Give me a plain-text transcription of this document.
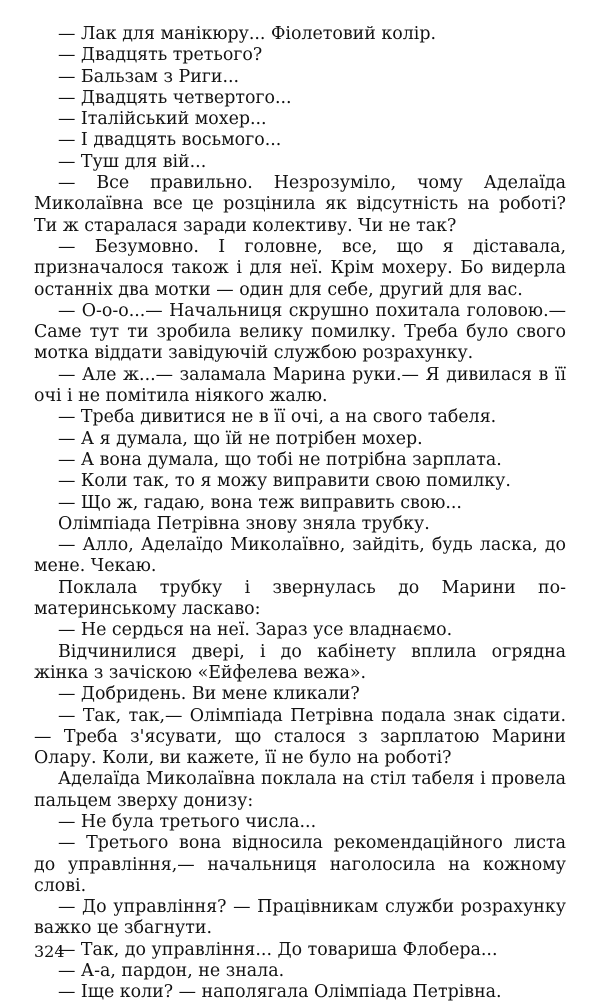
— Лак для манікюру... Фіолетовий колір.

— Двадцять третього?

— Бальзам з Риги...

— Двадцять четвертого...

— Італійський мохер...

— І двадцять восьмого...

— Туш для вій...

— Все правильно. Незрозуміло, чому Аделаїда Миколаївна все це розцінила як відсутність на роботі? Ти ж старалася заради колективу. Чи не так?

— Безумовно. І головне, все, що я діставала, призначалося також і для неї. Крім мохеру. Бо видерла останніх два мотки — один для себе, другий для вас.

— О-о-о...— Начальниця скрушно похитала головою.— Саме тут ти зробила велику помилку. Треба було свого мотка віддати завідуючій службою розрахунку.

— Але ж...— заламала Марина руки.— Я дивилася в її очі і не помітила ніякого жалю.

— Треба дивитися не в її очі, а на свого табеля.

— А я думала, що їй не потрібен мохер.

— А вона думала, що тобі не потрібна зарплата.

— Коли так, то я можу виправити свою помилку.

— Що ж, гадаю, вона теж виправить свою...

Олімпіада Петрівна знову зняла трубку.

— Алло, Аделаїдо Миколаївно, зайдіть, будь ласка, до мене. Чекаю.

Поклала трубку і звернулась до Марини по-материнському ласкаво:

— Не сердься на неї. Зараз усе владнаємо.

Відчинилися двері, і до кабінету вплила огрядна жінка з зачіскою «Ейфелева вежа».

— Добридень. Ви мене кликали?

— Так, так,— Олімпіада Петрівна подала знак сідати.— Треба з'ясувати, що сталося з зарплатою Марини Олару. Коли, ви кажете, її не було на роботі?

Аделаїда Миколаївна поклала на стіл табеля і провела пальцем зверху донизу:

— Не була третього числа...

— Третього вона відносила рекомендаційного листа до управління,— начальниця наголосила на кожному слові.

— До управління? — Працівникам служби розрахунку важко це збагнути.

— Так, до управління... До товариша Флобера...

— А-а, пардон, не знала.

— Іще коли? — наполягала Олімпіада Петрівна.

324
